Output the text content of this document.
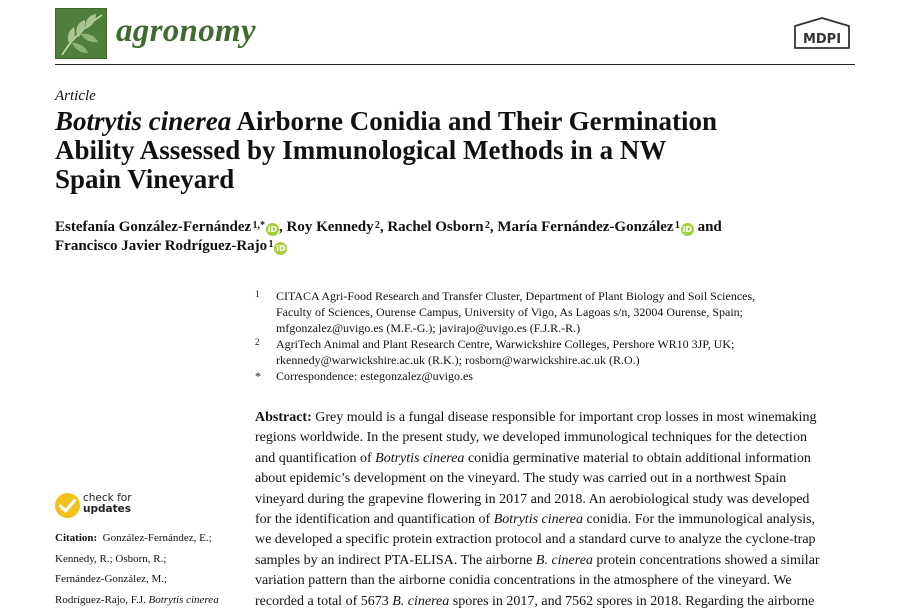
agronomy	MDPI
Article
Botrytis cinerea Airborne Conidia and Their Germination
Ability Assessed by Immunological Methods in a NW
Spain Vineyard
Estefanía González-Fernández $^{1,*}$ iD , Roy Kennedy $^2$, Rachel Osborn $^2$, María Fernández-González $^1$ iD and
Francisco Javier Rodríguez-Rajo $^1$ iD
1 CITACA Agri-Food Research and Transfer Cluster, Department of Plant Biology and Soil Sciences,
Faculty of Sciences, Ourense Campus, University of Vigo, As Lagoas s/n, 32004 Ourense, Spain;
mfgonzalez@uvigo.es (M.F.-G.); javirajo@uvigo.es (F.J.R.-R.)
2 AgriTech Animal and Plant Research Centre, Warwickshire Colleges, Pershore WR10 3JP, UK;
rkennedy@warwickshire.ac.uk (R.K.); rosborn@warwickshire.ac.uk (R.O.)
* Correspondence: estegonzalez@uvigo.es
Abstract: Grey mould is a fungal disease responsible for important crop losses in most winemaking
regions worldwide. In the present study, we developed immunological techniques for the detection
and quantification of Botrytis cinerea conidia germinative material to obtain additional information
about epidemic’s development on the vineyard. The study was carried out in a northwest Spain
vineyard during the grapevine flowering in 2017 and 2018. An aerobiological study was developed
for the identification and quantification of Botrytis cinerea conidia. For the immunological analysis,
we developed a specific protein extraction protocol and a standard curve to analyze the cyclone-trap
samples by an indirect PTA-ELISA. The airborne B. cinerea protein concentrations showed a similar
variation pattern than the airborne conidia concentrations in the atmosphere of the vineyard. We
recorded a total of 5673 B. cinerea spores in 2017, and 7562 spores in 2018. Regarding the airborne
check for
updates
Citation: González-Fernández, E.;
Kennedy, R.; Osborn, R.;
Fernández-González, M.;
Rodríguez-Rajo, F.J. Botrytis cinerea
